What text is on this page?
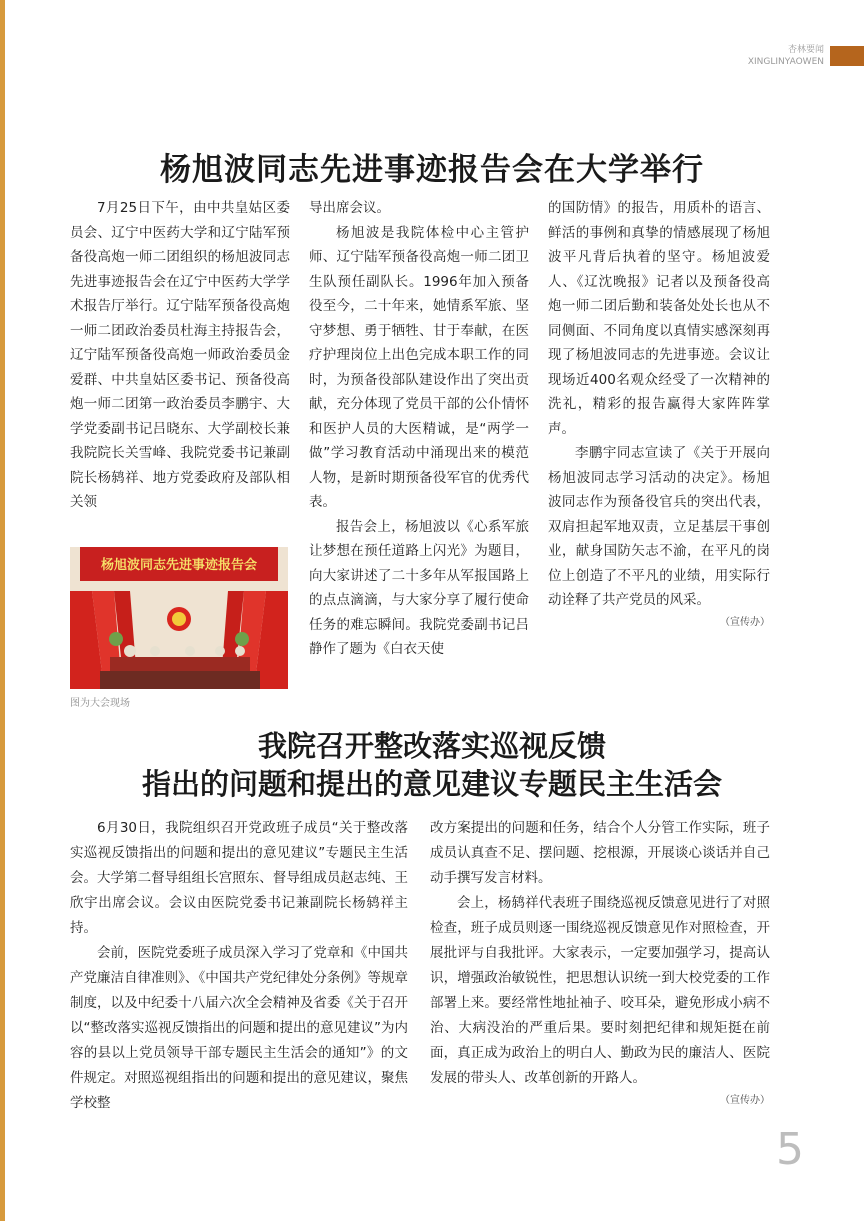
杏林要闻
XINGLINYAOWEN
杨旭波同志先进事迹报告会在大学举行

7月25日下午，由中共皇姑区委员会、辽宁中医药大学和辽宁陆军预备役高炮一师二团组织的杨旭波同志先进事迹报告会在辽宁中医药大学学术报告厅举行。辽宁陆军预备役高炮一师二团政治委员杜海主持报告会，辽宁陆军预备役高炮一师政治委员金爱群、中共皇姑区委书记、预备役高炮一师二团第一政治委员李鹏宇、大学党委副书记吕晓东、大学副校长兼我院院长关雪峰、我院党委书记兼副院长杨鸫祥、地方党委政府及部队相关领

杨旭波同志先进事迹报告会
图为大会现场

导出席会议。

杨旭波是我院体检中心主管护师、辽宁陆军预备役高炮一师二团卫生队预任副队长。1996年加入预备役至今，二十年来，她情系军旅、坚守梦想、勇于牺牲、甘于奉献，在医疗护理岗位上出色完成本职工作的同时，为预备役部队建设作出了突出贡献，充分体现了党员干部的公仆情怀和医护人员的大医精诚，是“两学一做”学习教育活动中涌现出来的模范人物，是新时期预备役军官的优秀代表。

报告会上，杨旭波以《心系军旅 让梦想在预任道路上闪光》为题目，向大家讲述了二十多年从军报国路上的点点滴滴，与大家分享了履行使命任务的难忘瞬间。我院党委副书记吕静作了题为《白衣天使

的国防情》的报告，用质朴的语言、鲜活的事例和真挚的情感展现了杨旭波平凡背后执着的坚守。杨旭波爱人、《辽沈晚报》记者以及预备役高炮一师二团后勤和装备处处长也从不同侧面、不同角度以真情实感深刻再现了杨旭波同志的先进事迹。会议让现场近400名观众经受了一次精神的洗礼，精彩的报告赢得大家阵阵掌声。

李鹏宇同志宣读了《关于开展向杨旭波同志学习活动的决定》。杨旭波同志作为预备役官兵的突出代表，双肩担起军地双责，立足基层干事创业，献身国防矢志不渝，在平凡的岗位上创造了不平凡的业绩，用实际行动诠释了共产党员的风采。

（宣传办）
我院召开整改落实巡视反馈
指出的问题和提出的意见建议专题民主生活会

6月30日，我院组织召开党政班子成员“关于整改落实巡视反馈指出的问题和提出的意见建议”专题民主生活会。大学第二督导组组长宫照东、督导组成员赵志纯、王欣宇出席会议。会议由医院党委书记兼副院长杨鸫祥主持。

会前，医院党委班子成员深入学习了党章和《中国共产党廉洁自律准则》、《中国共产党纪律处分条例》等规章制度，以及中纪委十八届六次全会精神及省委《关于召开以“整改落实巡视反馈指出的问题和提出的意见建议”为内容的县以上党员领导干部专题民主生活会的通知”》的文件规定。对照巡视组指出的问题和提出的意见建议，聚焦学校整

改方案提出的问题和任务，结合个人分管工作实际，班子成员认真查不足、摆问题、挖根源，开展谈心谈话并自己动手撰写发言材料。

会上，杨鸫祥代表班子围绕巡视反馈意见进行了对照检查，班子成员则逐一围绕巡视反馈意见作对照检查，开展批评与自我批评。大家表示，一定要加强学习，提高认识，增强政治敏锐性，把思想认识统一到大校党委的工作部署上来。要经常性地扯袖子、咬耳朵，避免形成小病不治、大病没治的严重后果。要时刻把纪律和规矩挺在前面，真正成为政治上的明白人、勤政为民的廉洁人、医院发展的带头人、改革创新的开路人。

（宣传办）
5
